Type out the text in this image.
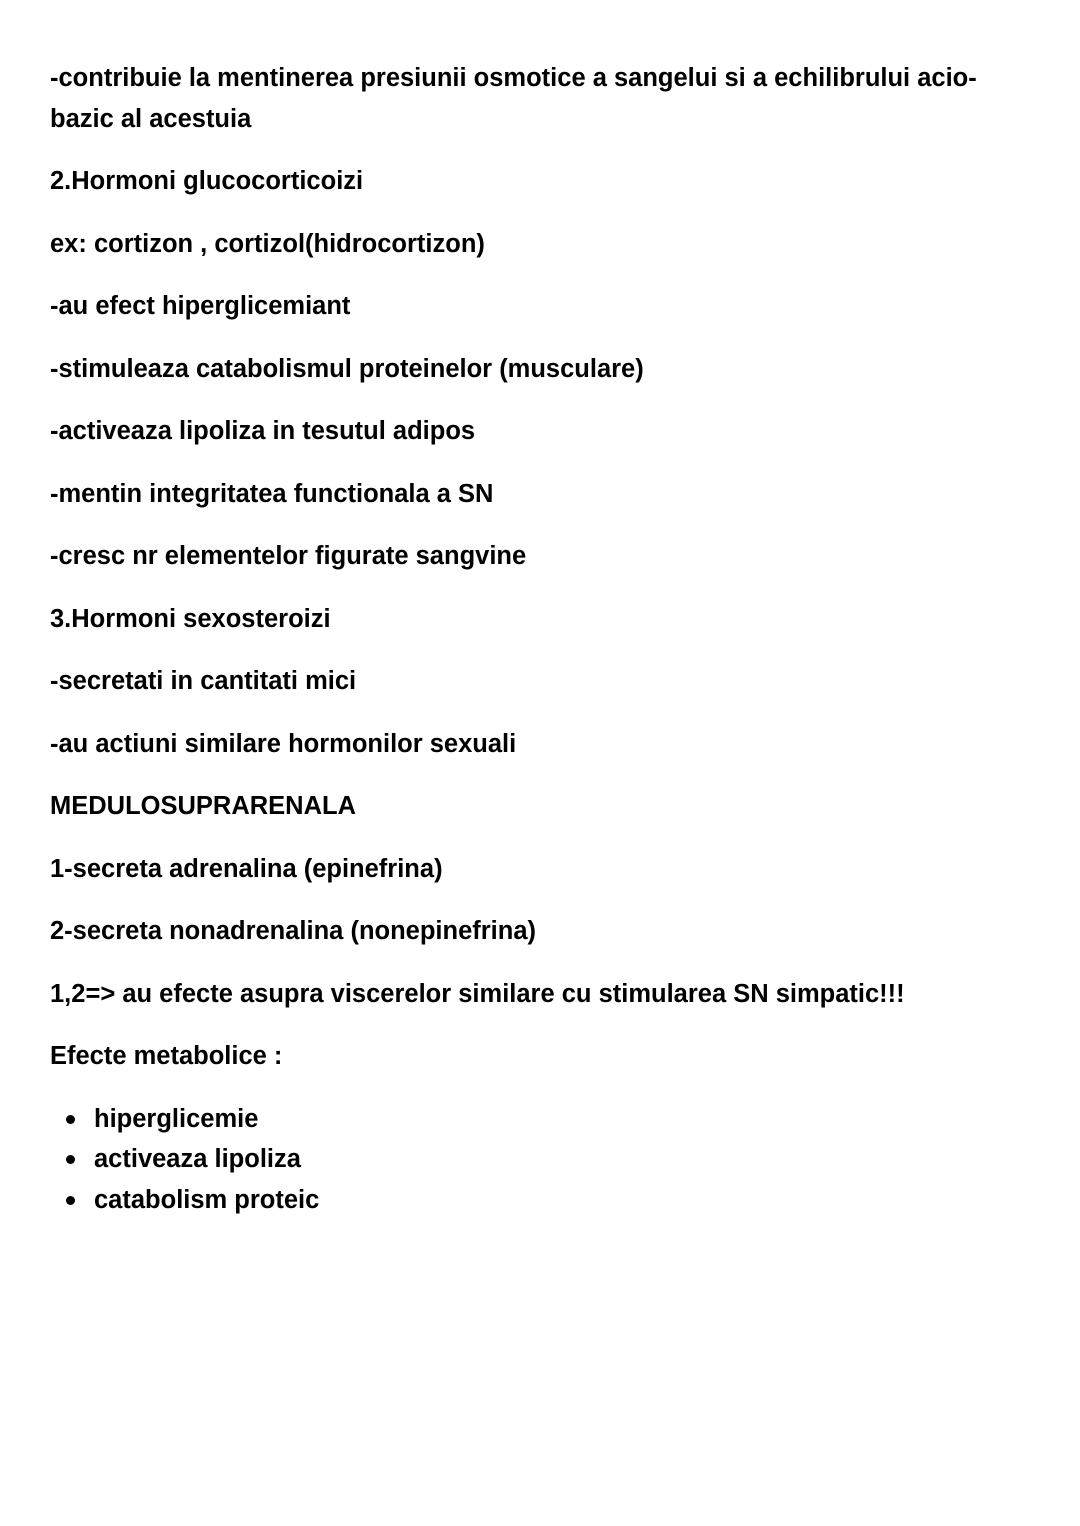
-contribuie la mentinerea presiunii osmotice a sangelui si a echilibrului acio-bazic al acestuia

2.Hormoni glucocorticoizi

ex: cortizon , cortizol(hidrocortizon)

-au efect hiperglicemiant

-stimuleaza catabolismul proteinelor (musculare)

-activeaza lipoliza in tesutul adipos

-mentin integritatea functionala a SN

-cresc nr elementelor figurate sangvine

3.Hormoni sexosteroizi

-secretati in cantitati mici

-au actiuni similare hormonilor sexuali

MEDULOSUPRARENALA

1-secreta adrenalina (epinefrina)

2-secreta nonadrenalina (nonepinefrina)

1,2=> au efecte asupra viscerelor similare cu stimularea SN simpatic!!!

Efecte metabolice :

hiperglicemie
activeaza lipoliza
catabolism proteic
